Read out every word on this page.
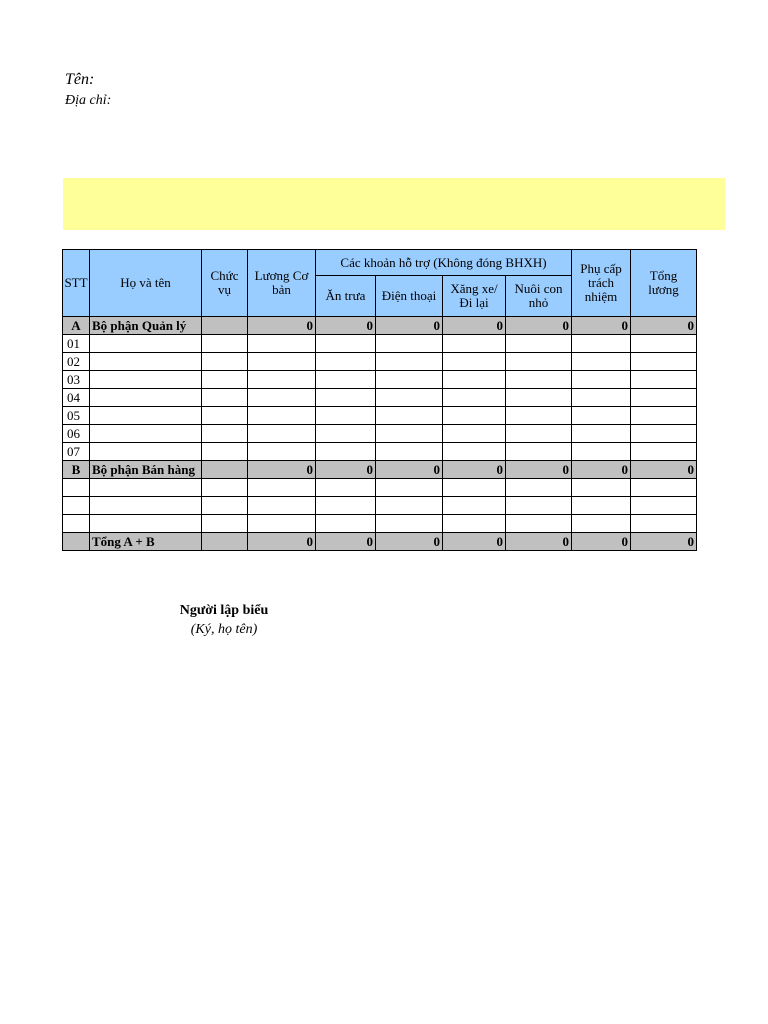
Tên:
Địa chỉ:
STT	Họ và tên	Chức vụ	Lương Cơ bản	Các khoản hỗ trợ (Không đóng BHXH)				Phụ cấp trách nhiệm	Tổng lương
				Ăn trưa	Điện thoại	Xăng xe/ Đi lại	Nuôi con nhỏ		
A	Bộ phận Quản lý		0	0	0	0	0	0	0
01									
02									
03									
04									
05									
06									
07									
B	Bộ phận Bán hàng		0	0	0	0	0	0	0

	Tổng A + B		0	0	0	0	0	0	0
Người lập biểu
(Ký, họ tên)
